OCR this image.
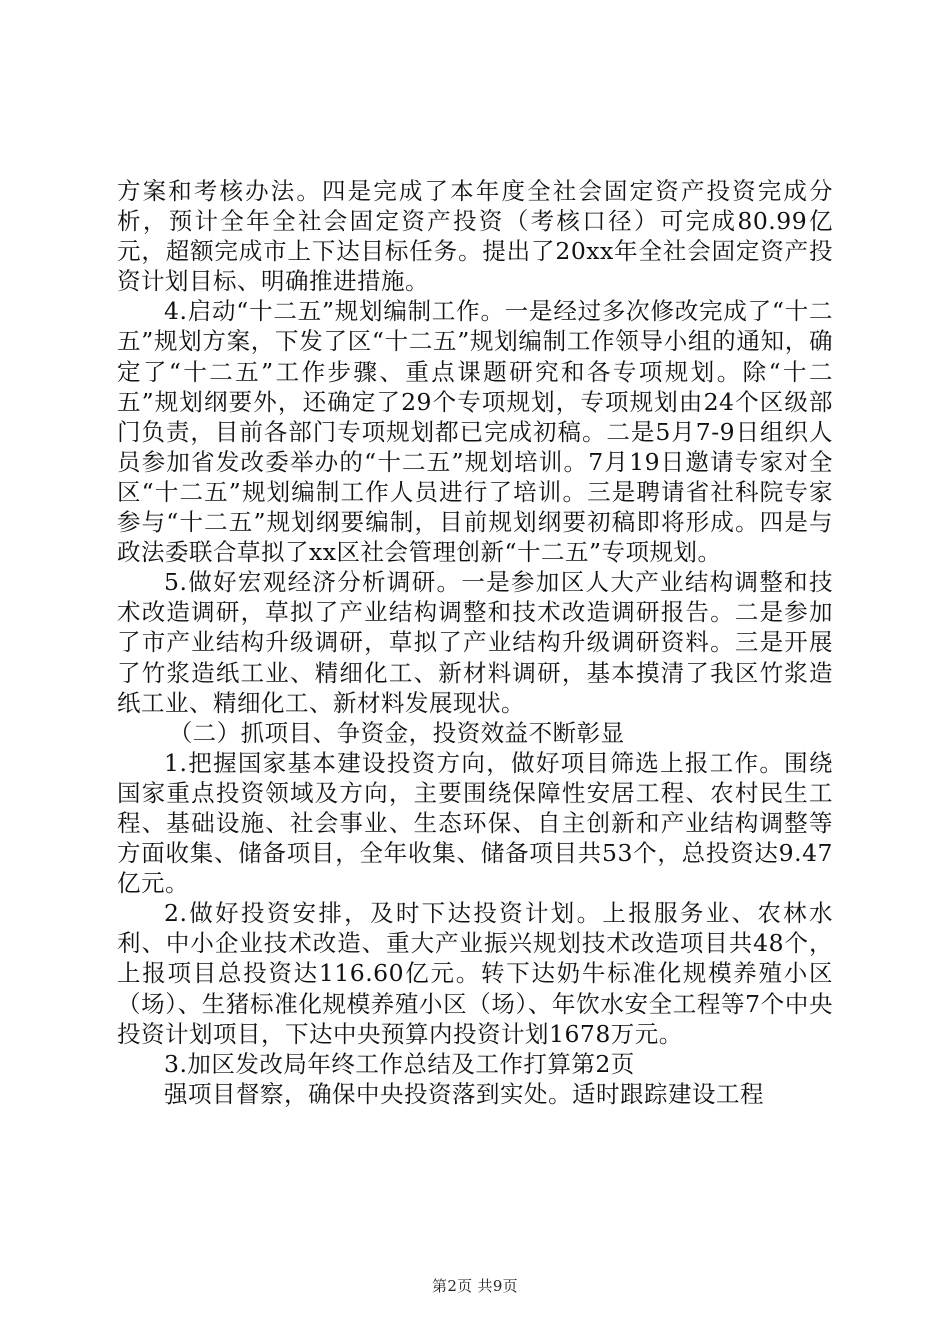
方案和考核办法。四是完成了本年度全社会固定资产投资完成分析，预计全年全社会固定资产投资（考核口径）可完成80.99亿元，超额完成市上下达目标任务。提出了20xx年全社会固定资产投资计划目标、明确推进措施。

4.启动“十二五”规划编制工作。一是经过多次修改完成了“十二五”规划方案，下发了区“十二五”规划编制工作领导小组的通知，确定了“十二五”工作步骤、重点课题研究和各专项规划。除“十二五”规划纲要外，还确定了29个专项规划，专项规划由24个区级部门负责，目前各部门专项规划都已完成初稿。二是5月7-9日组织人员参加省发改委举办的“十二五”规划培训。7月19日邀请专家对全区“十二五”规划编制工作人员进行了培训。三是聘请省社科院专家参与“十二五”规划纲要编制，目前规划纲要初稿即将形成。四是与政法委联合草拟了xx区社会管理创新“十二五”专项规划。

5.做好宏观经济分析调研。一是参加区人大产业结构调整和技术改造调研，草拟了产业结构调整和技术改造调研报告。二是参加了市产业结构升级调研，草拟了产业结构升级调研资料。三是开展了竹浆造纸工业、精细化工、新材料调研，基本摸清了我区竹浆造纸工业、精细化工、新材料发展现状。

（二）抓项目、争资金，投资效益不断彰显

1.把握国家基本建设投资方向，做好项目筛选上报工作。围绕国家重点投资领域及方向，主要围绕保障性安居工程、农村民生工程、基础设施、社会事业、生态环保、自主创新和产业结构调整等方面收集、储备项目，全年收集、储备项目共53个，总投资达9.47亿元。

2.做好投资安排，及时下达投资计划。上报服务业、农林水利、中小企业技术改造、重大产业振兴规划技术改造项目共48个，上报项目总投资达116.60亿元。转下达奶牛标准化规模养殖小区（场）、生猪标准化规模养殖小区（场）、年饮水安全工程等7个中央投资计划项目，下达中央预算内投资计划1678万元。

3.加区发改局年终工作总结及工作打算第2页

强项目督察，确保中央投资落到实处。适时跟踪建设工程

第2页 共9页
